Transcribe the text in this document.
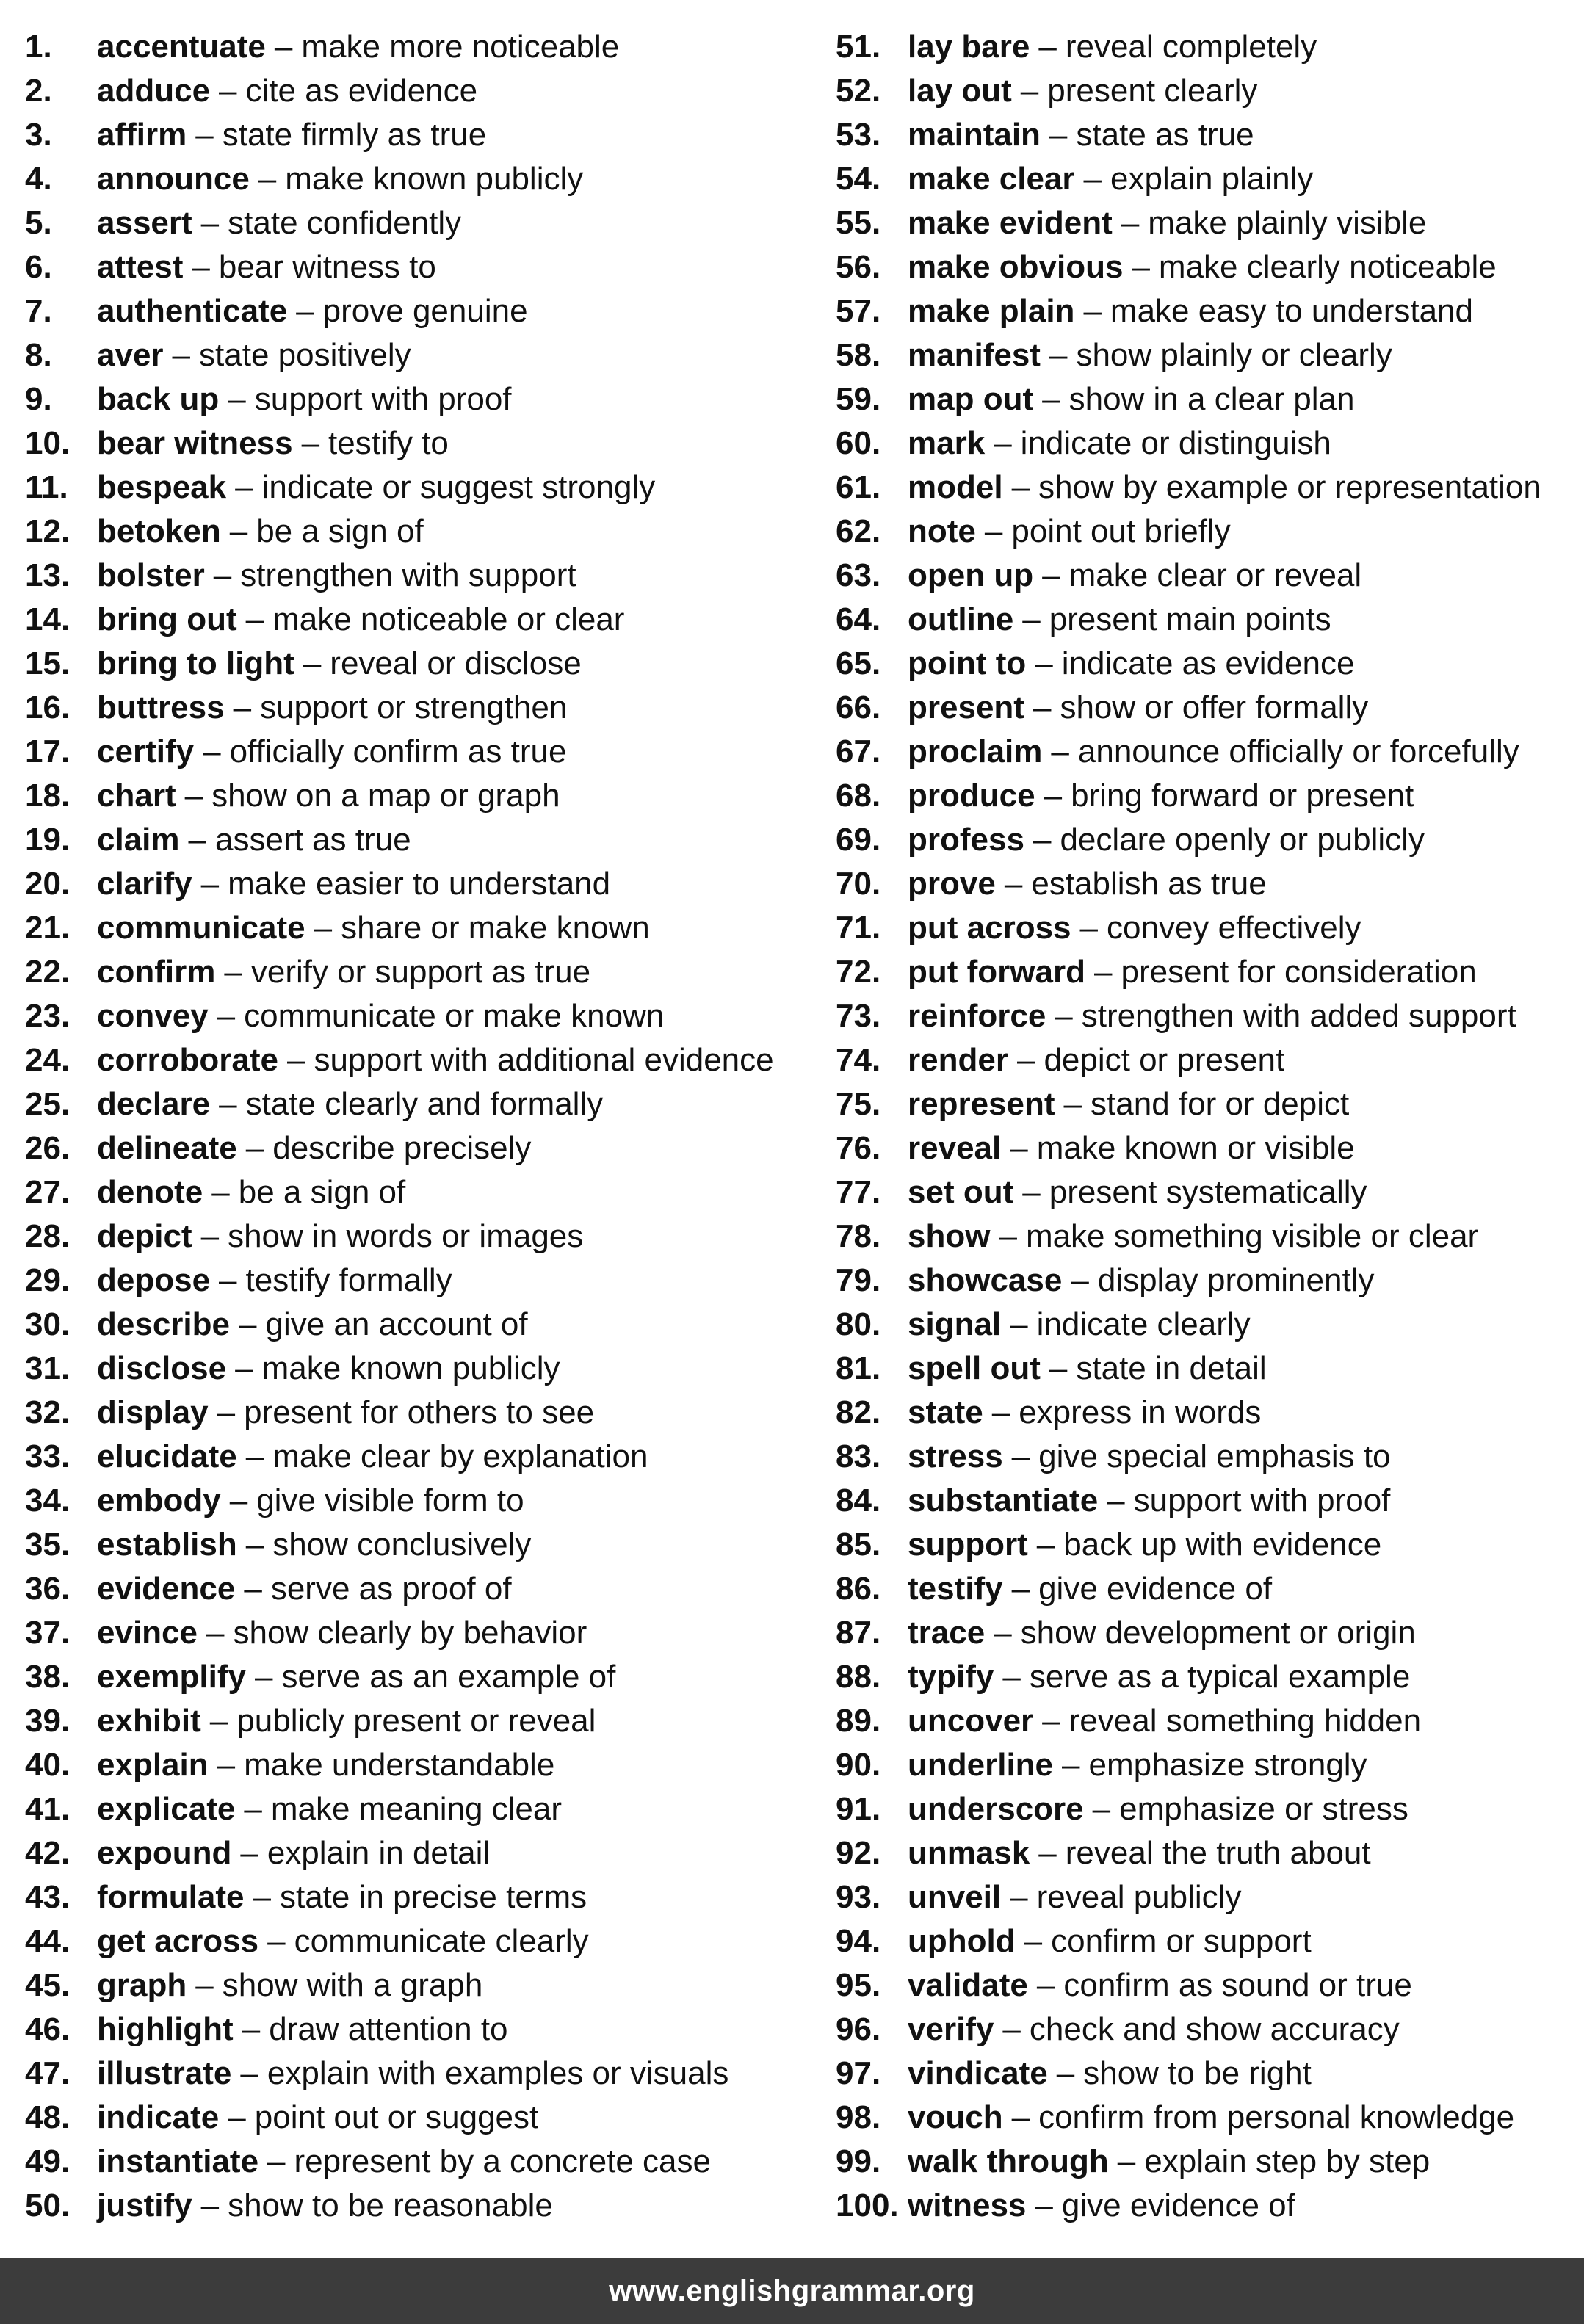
1.	accentuate – make more noticeable
2.	adduce – cite as evidence
3.	affirm – state firmly as true
4.	announce – make known publicly
5.	assert – state confidently
6.	attest – bear witness to
7.	authenticate – prove genuine
8.	aver – state positively
9.	back up – support with proof
10. bear witness – testify to
11. bespeak – indicate or suggest strongly
12. betoken – be a sign of
13. bolster – strengthen with support
14. bring out – make noticeable or clear
15. bring to light – reveal or disclose
16. buttress – support or strengthen
17. certify – officially confirm as true
18. chart – show on a map or graph
19. claim – assert as true
20. clarify – make easier to understand
21. communicate – share or make known
22. confirm – verify or support as true
23. convey – communicate or make known
24. corroborate – support with additional evidence
25. declare – state clearly and formally
26. delineate – describe precisely
27. denote – be a sign of
28. depict – show in words or images
29. depose – testify formally
30. describe – give an account of
31. disclose – make known publicly
32. display – present for others to see
33. elucidate – make clear by explanation
34. embody – give visible form to
35. establish – show conclusively
36. evidence – serve as proof of
37. evince – show clearly by behavior
38. exemplify – serve as an example of
39. exhibit – publicly present or reveal
40. explain – make understandable
41. explicate – make meaning clear
42. expound – explain in detail
43. formulate – state in precise terms
44. get across – communicate clearly
45. graph – show with a graph
46. highlight – draw attention to
47. illustrate – explain with examples or visuals
48. indicate – point out or suggest
49. instantiate – represent by a concrete case
50. justify – show to be reasonable
51. lay bare – reveal completely
52. lay out – present clearly
53. maintain – state as true
54. make clear – explain plainly
55. make evident – make plainly visible
56. make obvious – make clearly noticeable
57. make plain – make easy to understand
58. manifest – show plainly or clearly
59. map out – show in a clear plan
60. mark – indicate or distinguish
61. model – show by example or representation
62. note – point out briefly
63. open up – make clear or reveal
64. outline – present main points
65. point to – indicate as evidence
66. present – show or offer formally
67. proclaim – announce officially or forcefully
68. produce – bring forward or present
69. profess – declare openly or publicly
70. prove – establish as true
71. put across – convey effectively
72. put forward – present for consideration
73. reinforce – strengthen with added support
74. render – depict or present
75. represent – stand for or depict
76. reveal – make known or visible
77. set out – present systematically
78. show – make something visible or clear
79. showcase – display prominently
80. signal – indicate clearly
81. spell out – state in detail
82. state – express in words
83. stress – give special emphasis to
84. substantiate – support with proof
85. support – back up with evidence
86. testify – give evidence of
87. trace – show development or origin
88. typify – serve as a typical example
89. uncover – reveal something hidden
90. underline – emphasize strongly
91. underscore – emphasize or stress
92. unmask – reveal the truth about
93. unveil – reveal publicly
94. uphold – confirm or support
95. validate – confirm as sound or true
96. verify – check and show accuracy
97. vindicate – show to be right
98. vouch – confirm from personal knowledge
99. walk through – explain step by step
100. witness – give evidence of
www.englishgrammar.org
